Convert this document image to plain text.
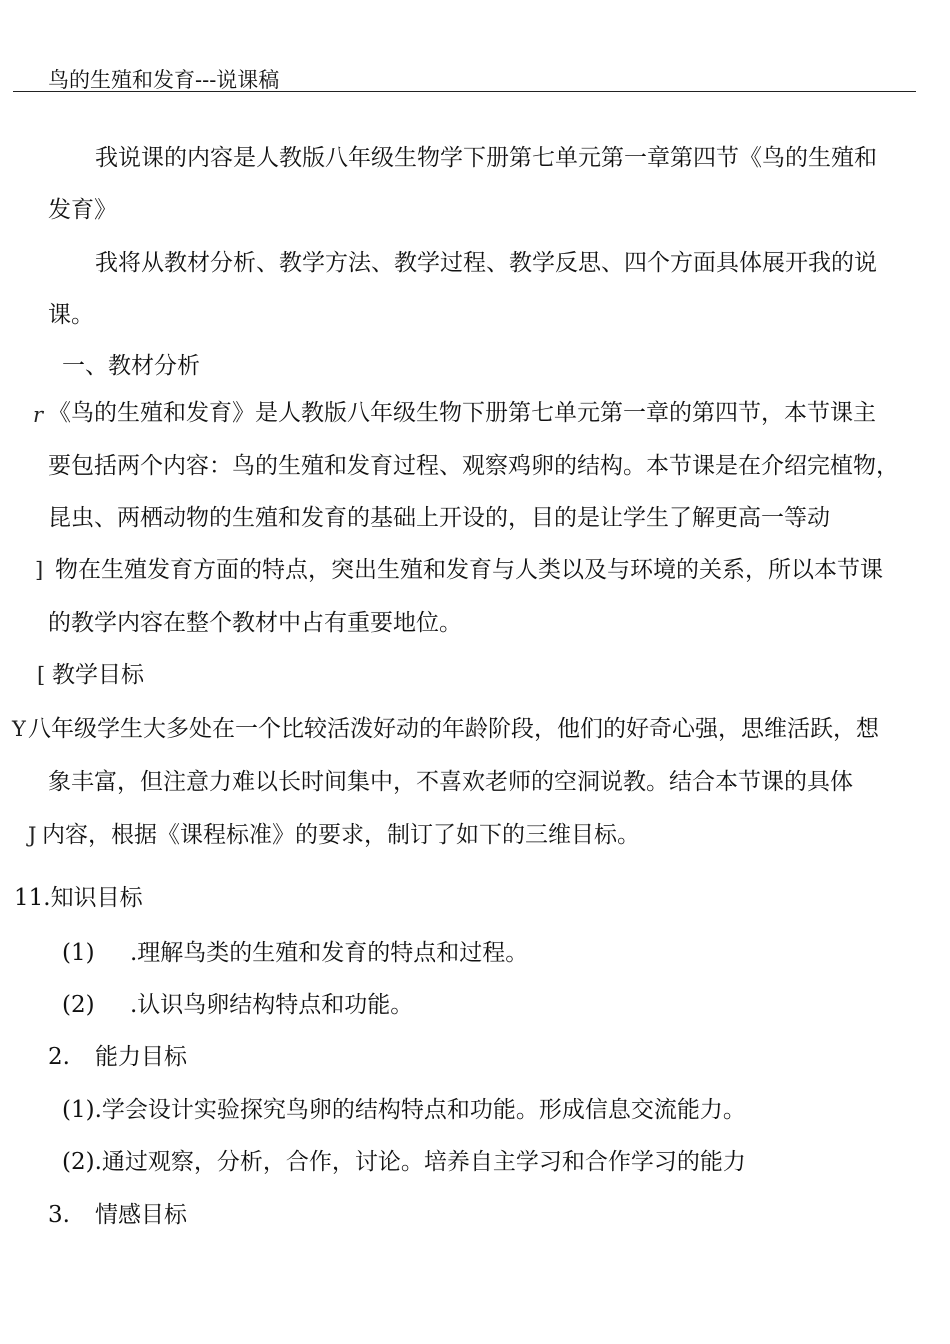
鸟的生殖和发育---说课稿
我说课的内容是人教版八年级生物学下册第七单元第一章第四节《鸟的生殖和
发育》
我将从教材分析、教学方法、教学过程、教学反思、四个方面具体展开我的说
课。
一、教材分析
r 《鸟的生殖和发育》是人教版八年级生物下册第七单元第一章的第四节，本节课主
要包括两个内容：鸟的生殖和发育过程、观察鸡卵的结构。本节课是在介绍完植物，
昆虫、两栖动物的生殖和发育的基础上开设的，目的是让学生了解更高一等动
] 物在生殖发育方面的特点，突出生殖和发育与人类以及与环境的关系，所以本节课
的教学内容在整个教材中占有重要地位。
[ 教学目标
Y 八年级学生大多处在一个比较活泼好动的年龄阶段，他们的好奇心强，思维活跃，想
象丰富，但注意力难以长时间集中，不喜欢老师的空洞说教。结合本节课的具体
J 内容，根据《课程标准》的要求，制订了如下的三维目标。
11.知识目标
(1) .理解鸟类的生殖和发育的特点和过程。
(2) .认识鸟卵结构特点和功能。
2. 能力目标
(1).学会设计实验探究鸟卵的结构特点和功能。形成信息交流能力。
(2).通过观察，分析，合作，讨论。培养自主学习和合作学习的能力
3. 情感目标
